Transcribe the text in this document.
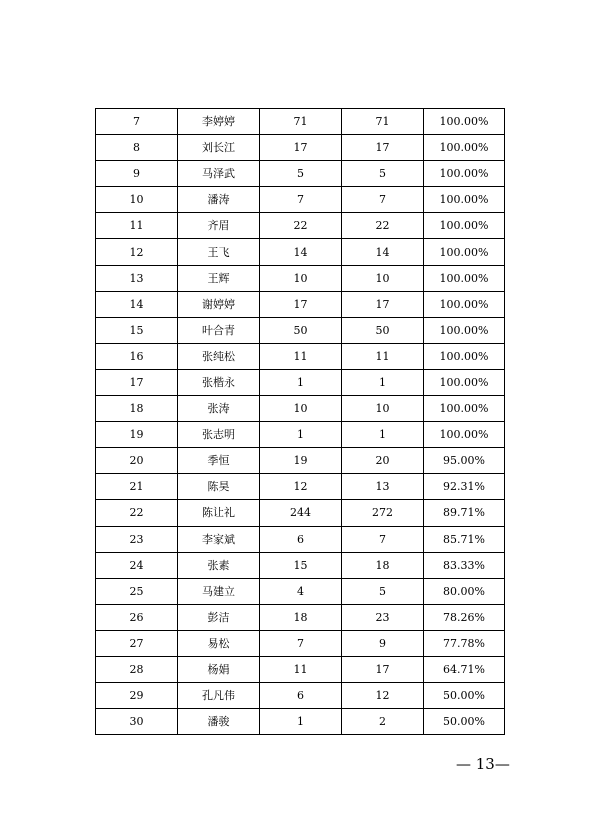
7	李婷婷	71	71	100.00%
8	刘长江	17	17	100.00%
9	马泽武	5	5	100.00%
10	潘涛	7	7	100.00%
11	齐眉	22	22	100.00%
12	王飞	14	14	100.00%
13	王辉	10	10	100.00%
14	谢婷婷	17	17	100.00%
15	叶合青	50	50	100.00%
16	张纯松	11	11	100.00%
17	张楷永	1	1	100.00%
18	张涛	10	10	100.00%
19	张志明	1	1	100.00%
20	季恒	19	20	95.00%
21	陈昊	12	13	92.31%
22	陈让礼	244	272	89.71%
23	李家斌	6	7	85.71%
24	张素	15	18	83.33%
25	马建立	4	5	80.00%
26	彭洁	18	23	78.26%
27	易松	7	9	77.78%
28	杨娟	11	17	64.71%
29	孔凡伟	6	12	50.00%
30	潘骏	1	2	50.00%
— 13—
